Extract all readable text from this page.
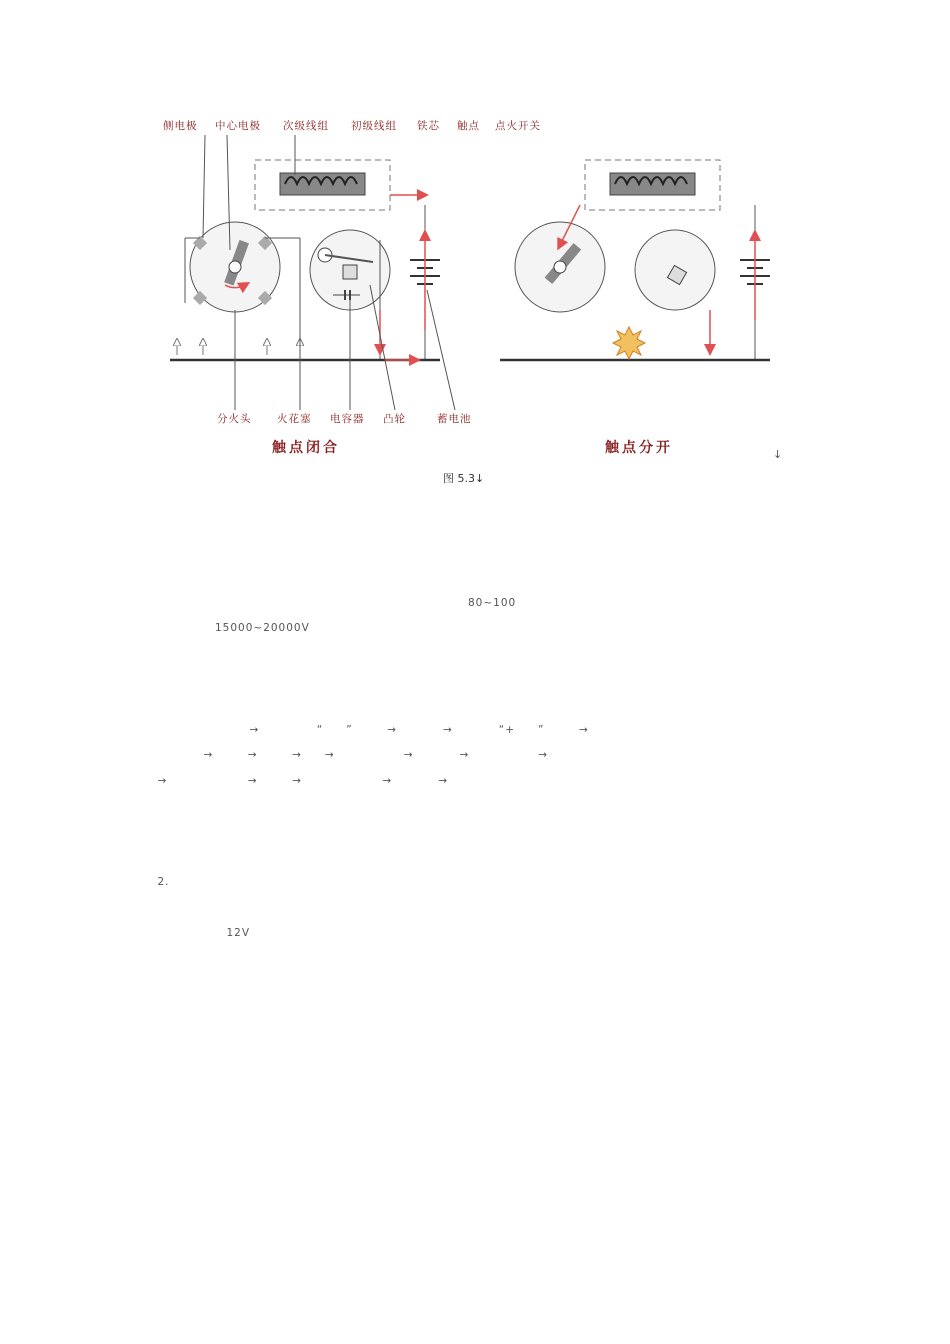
侧电极 中心电极 次级线组 初级线组 铁芯 触点 点火开关
分火头 火花塞 电容器 凸轮	蓄电池
触点闭合	触点分开	↓
图 5.3↓

　　　　　　　　　　　　　　　　　　　　　　　　　　　　80~100　　　　　　

　　　　　　15000~20000V　　　　　　　　　　　　　　　　　　　　　　　

　　　　　　　　　→　　　　　“　　”　　　→　　　　→　　　　“+　　”　　　→

　　　　　→　　　→　　　→　　→　　　　　　→　　　　→　　　　　　→　　　

　→　　　　　　　→　　　→　　　　　　　→　　　　→　　　　　　　　　　　

　2.　　　　　　　　　　　　　　

　　　　　　　12V　　　　　　　　　　　　　　　　　　　　
